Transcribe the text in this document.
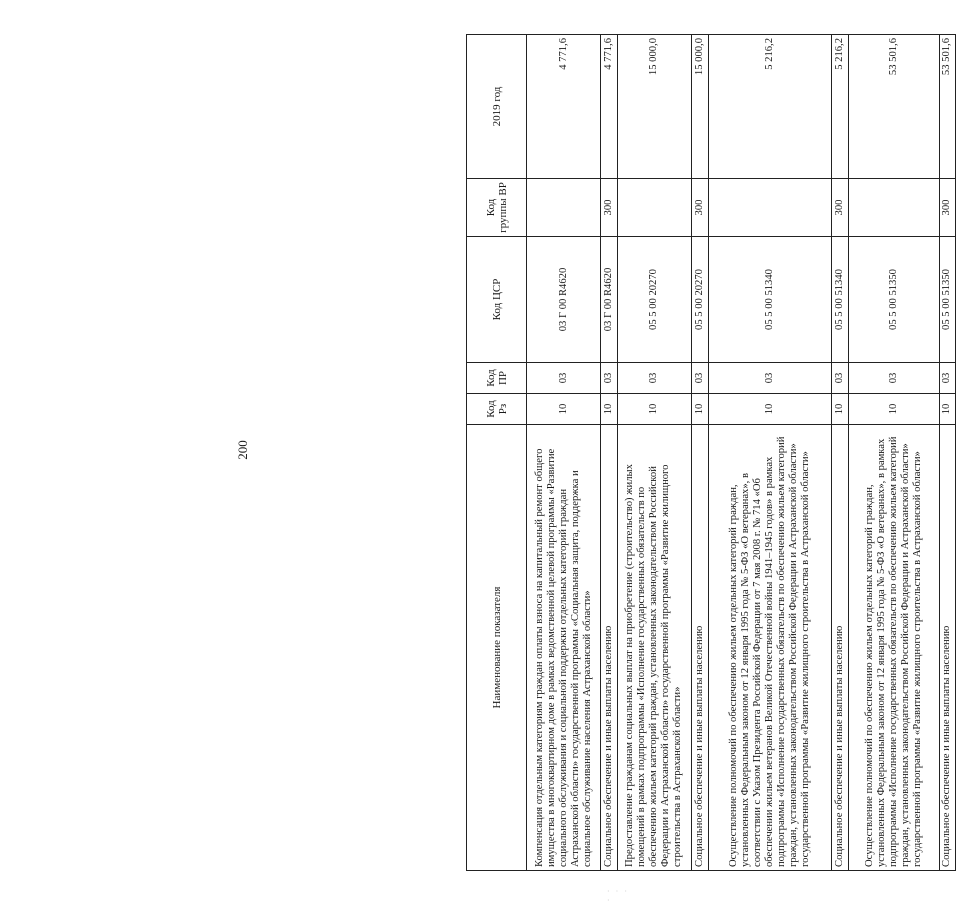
200
Наименование показателя	Код Рз	Код ПР	Код ЦСР	Код группы ВР	2019 год
Компенсация отдельным категориям граждан оплаты взноса на капитальный ремонт общего имущества в многоквартирном доме в рамках ведомственной целевой программы «Развитие социального обслуживания и социальной поддержки отдельных категорий граждан Астраханской области» государственной программы «Социальная защита, поддержка и социальное обслуживание населения Астраханской области»	10	03	03 Г 00 R4620		4 771,6
Социальное обеспечение и иные выплаты населению	10	03	03 Г 00 R4620	300	4 771,6
Предоставление гражданам социальных выплат на приобретение (строительство) жилых помещений в рамках подпрограммы «Исполнение государственных обязательств по обеспечению жильем категорий граждан, установленных законодательством Российской Федерации и Астраханской области» государственной программы «Развитие жилищного строительства в Астраханской области»	10	03	05 5 00 20270		15 000,0
Социальное обеспечение и иные выплаты населению	10	03	05 5 00 20270	300	15 000,0
Осуществление полномочий по обеспечению жильем отдельных категорий граждан, установленных Федеральным законом от 12 января 1995 года № 5-ФЗ «О ветеранах», в соответствии с Указом Президента Российской Федерации от 7 мая 2008 г. № 714 «Об обеспечении жильем ветеранов Великой Отечественной войны 1941–1945 годов» в рамках подпрограммы «Исполнение государственных обязательств по обеспечению жильем категорий граждан, установленных законодательством Российской Федерации и Астраханской области» государственной программы «Развитие жилищного строительства в Астраханской области»	10	03	05 5 00 51340		5 216,2
Социальное обеспечение и иные выплаты населению	10	03	05 5 00 51340	300	5 216,2
Осуществление полномочий по обеспечению жильем отдельных категорий граждан, установленных Федеральным законом от 12 января 1995 года № 5-ФЗ «О ветеранах», в рамках подпрограммы «Исполнение государственных обязательств по обеспечению жильем категорий граждан, установленных законодательством Российской Федерации и Астраханской области» государственной программы «Развитие жилищного строительства в Астраханской области»	10	03	05 5 00 51350		53 501,6
Социальное обеспечение и иные выплаты населению	10	03	05 5 00 51350	300	53 501,6
· · · ·
